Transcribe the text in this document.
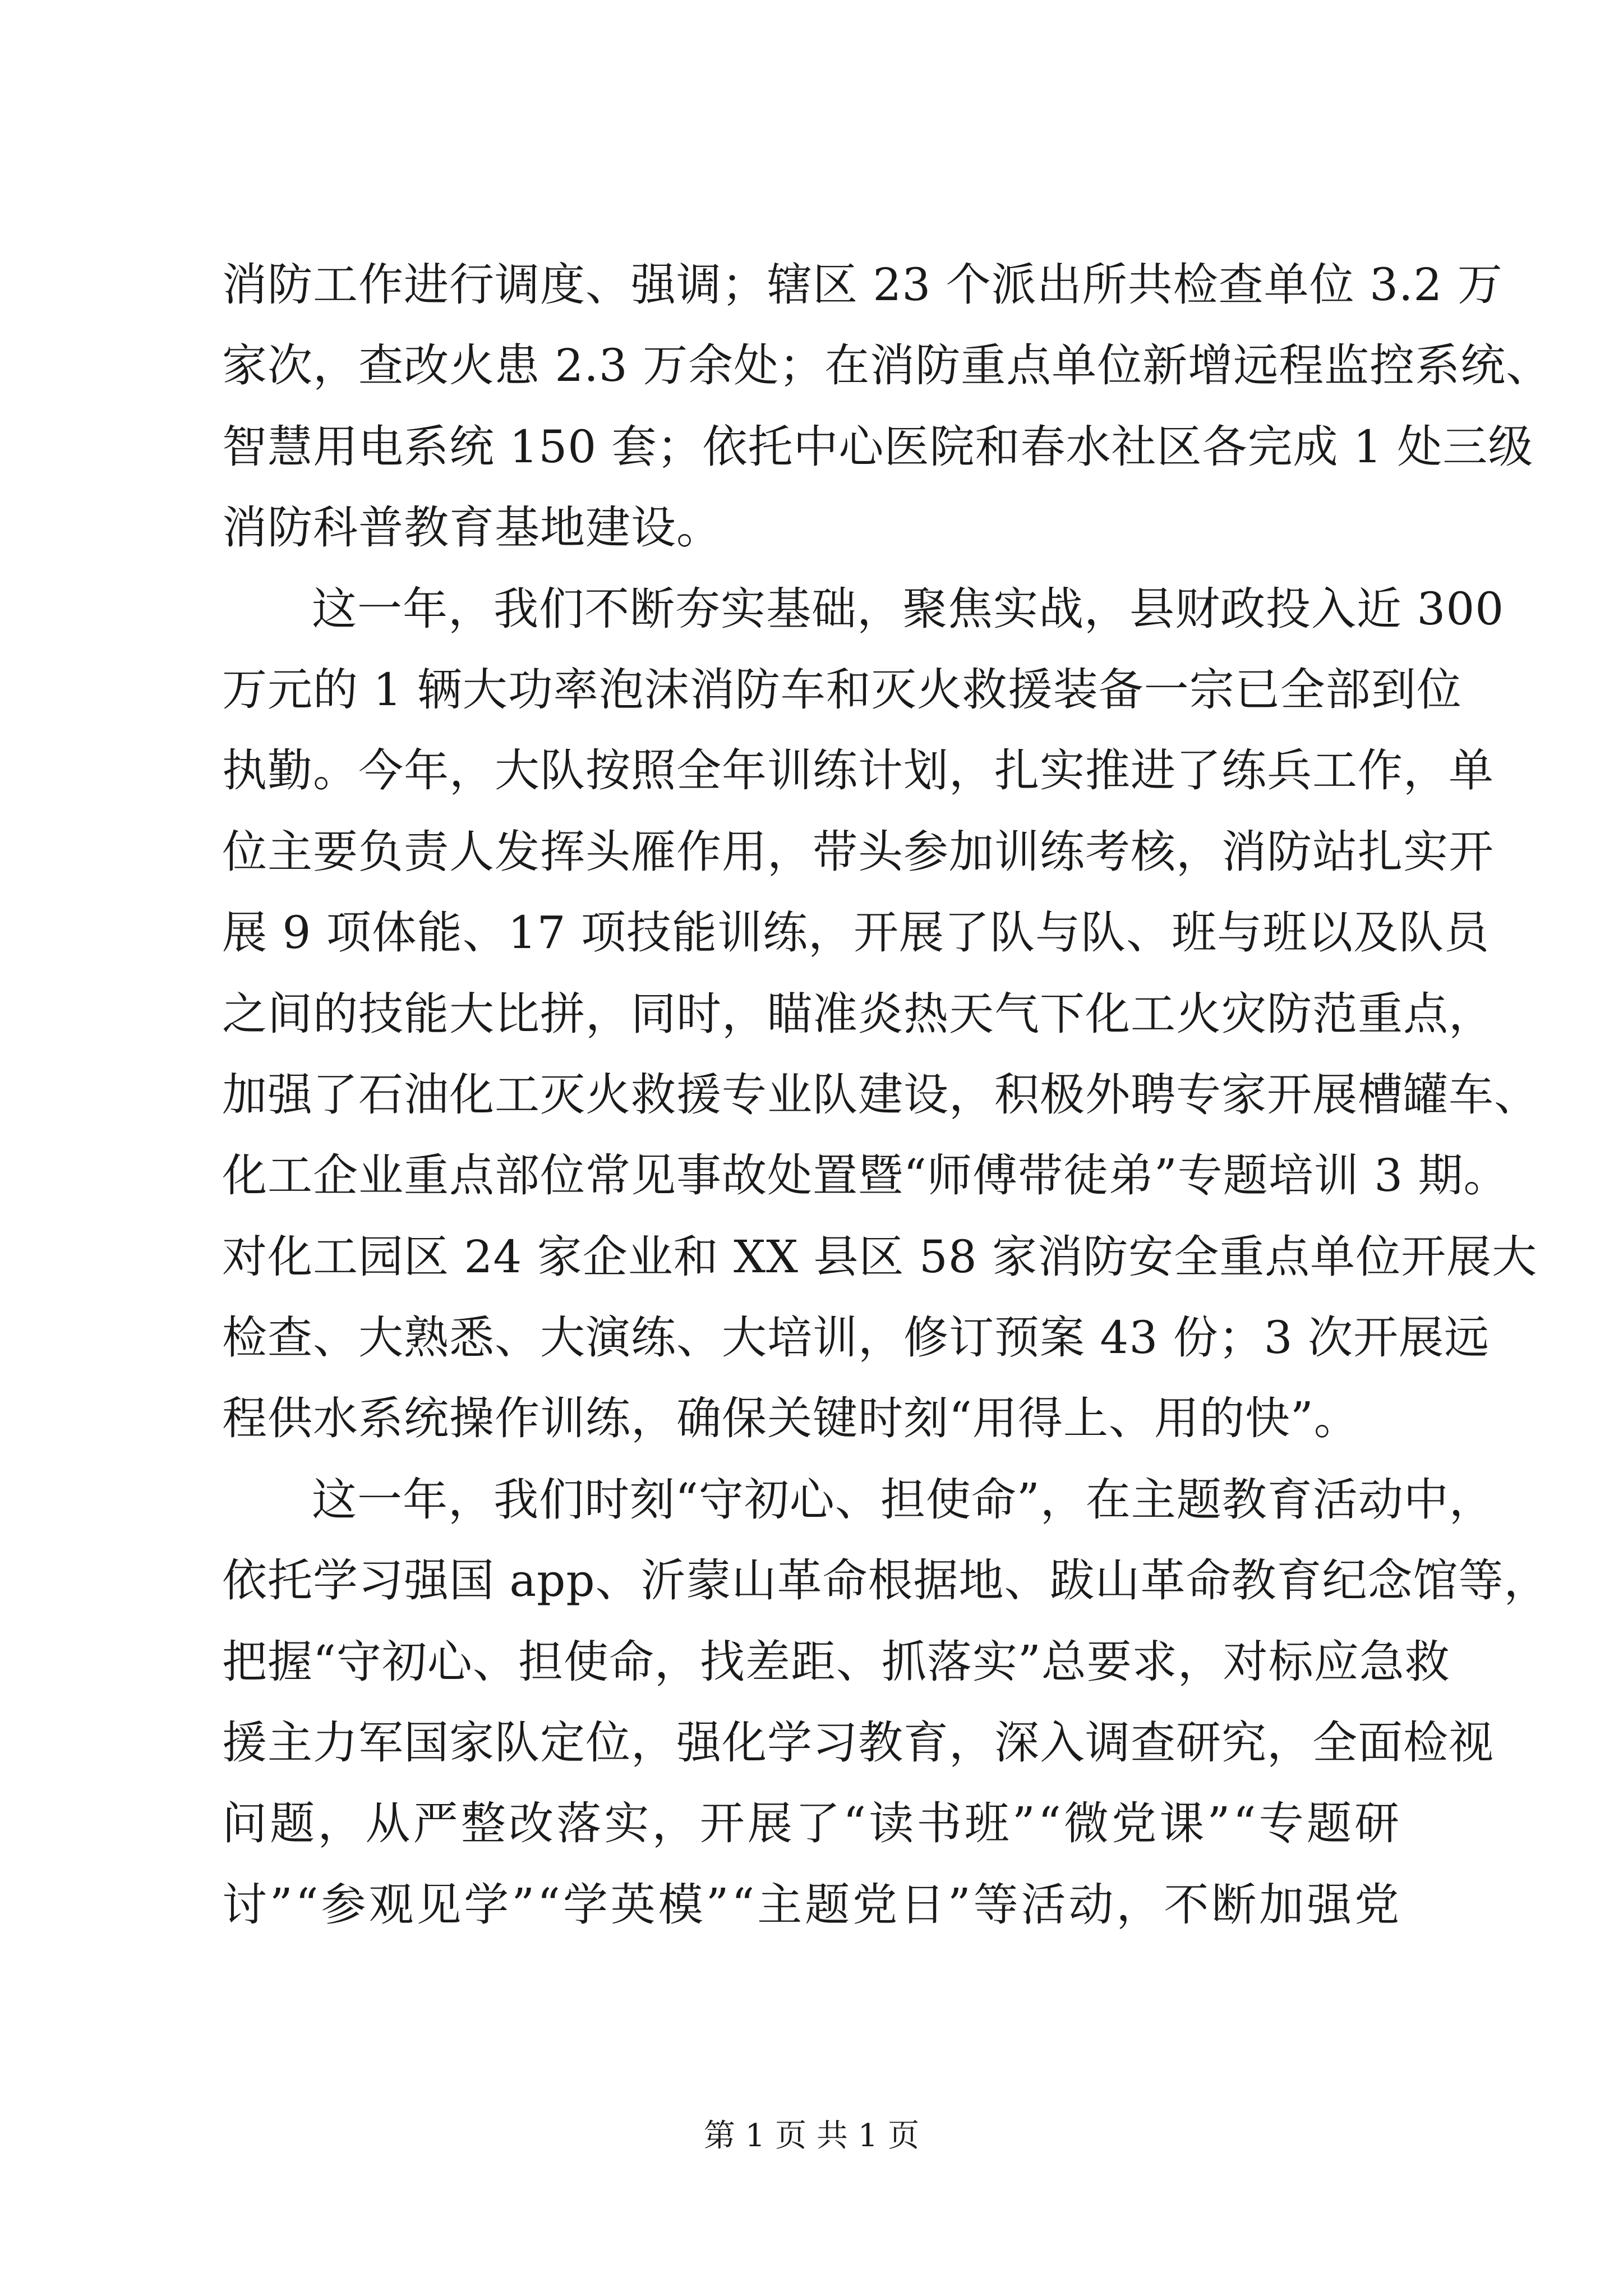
消防工作进行调度、强调；辖区 23 个派出所共检查单位 3.2 万
家次，查改火患 2.3 万余处；在消防重点单位新增远程监控系统、
智慧用电系统 150 套；依托中心医院和春水社区各完成 1 处三级
消防科普教育基地建设。
这一年，我们不断夯实基础，聚焦实战，县财政投入近 300
万元的 1 辆大功率泡沫消防车和灭火救援装备一宗已全部到位
执勤。今年，大队按照全年训练计划，扎实推进了练兵工作，单
位主要负责人发挥头雁作用，带头参加训练考核，消防站扎实开
展 9 项体能、17 项技能训练，开展了队与队、班与班以及队员
之间的技能大比拼，同时，瞄准炎热天气下化工火灾防范重点，
加强了石油化工灭火救援专业队建设，积极外聘专家开展槽罐车、
化工企业重点部位常见事故处置暨“师傅带徒弟”专题培训 3 期。
对化工园区 24 家企业和 XX 县区 58 家消防安全重点单位开展大
检查、大熟悉、大演练、大培训，修订预案 43 份；3 次开展远
程供水系统操作训练，确保关键时刻“用得上、用的快”。
这一年，我们时刻“守初心、担使命”，在主题教育活动中，
依托学习强国 app、沂蒙山革命根据地、跋山革命教育纪念馆等，
把握“守初心、担使命，找差距、抓落实”总要求，对标应急救
援主力军国家队定位，强化学习教育，深入调查研究，全面检视
问题，从严整改落实，开展了“读书班”“微党课”“专题研
讨”“参观见学”“学英模”“主题党日”等活动，不断加强党
第 1 页 共 1 页
